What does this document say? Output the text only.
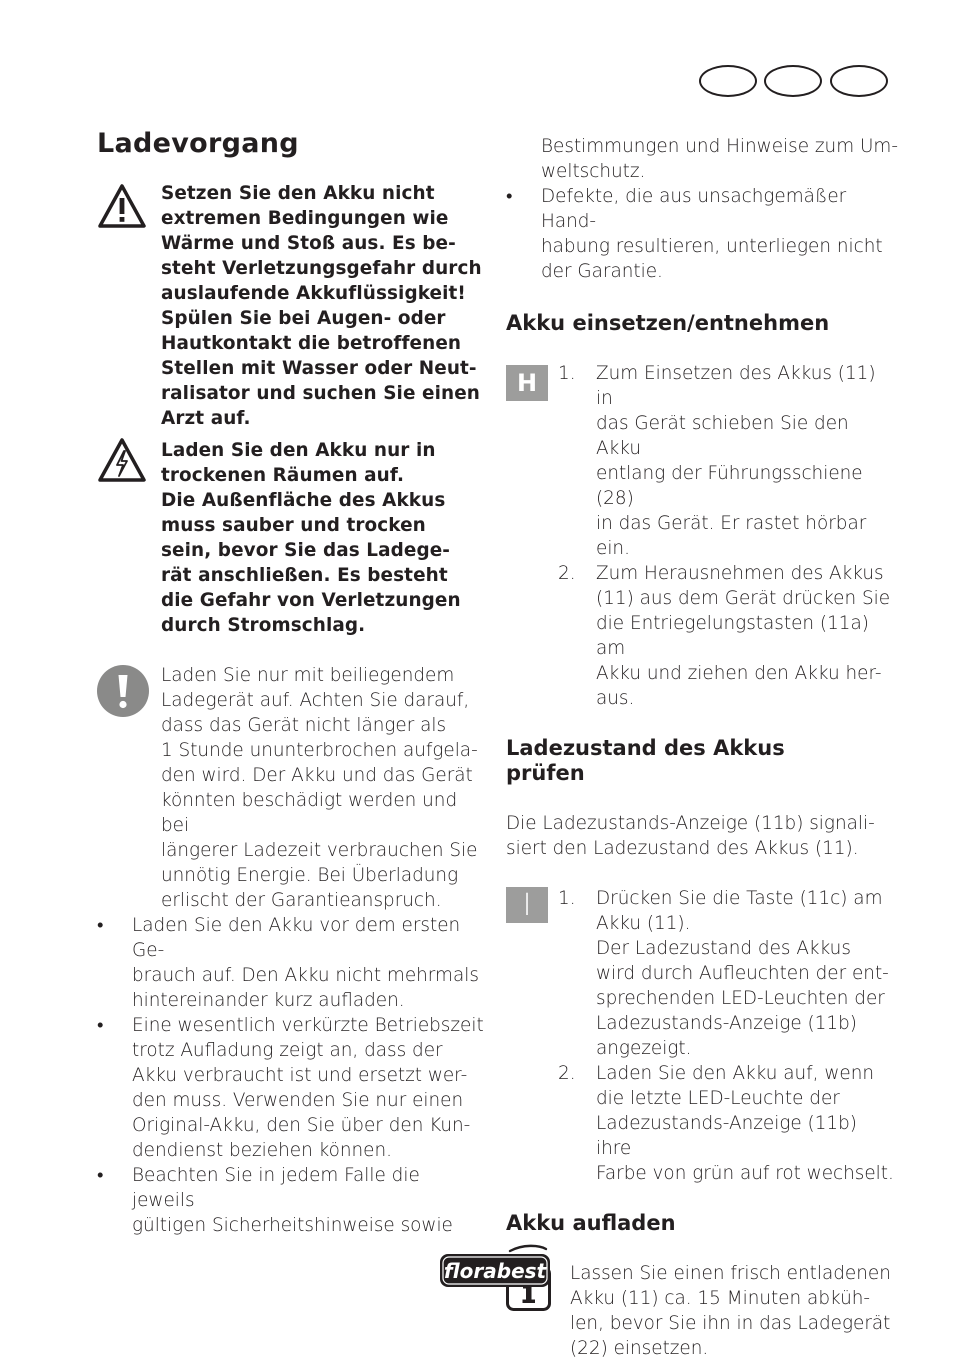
Ladevorgang
Setzen Sie den Akku nicht
extremen Bedingungen wie
Wärme und Stoß aus. Es be-
steht Verletzungsgefahr durch
auslaufende Akkuflüssigkeit!
Spülen Sie bei Augen- oder
Hautkontakt die betroffenen
Stellen mit Wasser oder Neut-
ralisator und suchen Sie einen
Arzt auf.
Laden Sie den Akku nur in
trockenen Räumen auf.
Die Außenfläche des Akkus
muss sauber und trocken
sein, bevor Sie das Ladege-
rät anschließen. Es besteht
die Gefahr von Verletzungen
durch Stromschlag.
Laden Sie nur mit beiliegendem
Ladegerät auf. Achten Sie darauf,
dass das Gerät nicht länger als
1 Stunde ununterbrochen aufgela-
den wird. Der Akku und das Gerät
könnten beschädigt werden und bei
längerer Ladezeit verbrauchen Sie
unnötig Energie. Bei Überladung
erlischt der Garantieanspruch.
• Laden Sie den Akku vor dem ersten Ge-
brauch auf. Den Akku nicht mehrmals
hintereinander kurz aufladen.
• Eine wesentlich verkürzte Betriebszeit
trotz Aufladung zeigt an, dass der
Akku verbraucht ist und ersetzt wer-
den muss. Verwenden Sie nur einen
Original-Akku, den Sie über den Kun-
dendienst beziehen können.
• Beachten Sie in jedem Falle die jeweils
gültigen Sicherheitshinweise sowie
Bestimmungen und Hinweise zum Um-
weltschutz.
• Defekte, die aus unsachgemäßer Hand-
habung resultieren, unterliegen nicht
der Garantie.
Akku einsetzen/entnehmen
H	1. Zum Einsetzen des Akkus (11) in
das Gerät schieben Sie den Akku
entlang der Führungsschiene (28)
in das Gerät. Er rastet hörbar ein.

2. Zum Herausnehmen des Akkus
(11) aus dem Gerät drücken Sie
die Entriegelungstasten (11a) am
Akku und ziehen den Akku her-
aus.

Ladezustand des Akkus
prüfen
Die Ladezustands-Anzeige (11b) signali-
siert den Ladezustand des Akkus (11).
I	1. Drücken Sie die Taste (11c) am
Akku (11).
Der Ladezustand des Akkus
wird durch Aufleuchten der ent-
sprechenden LED-Leuchten der
Ladezustands-Anzeige (11b)
angezeigt.

2. Laden Sie den Akku auf, wenn
die letzte LED-Leuchte der
Ladezustands-Anzeige (11b) ihre
Farbe von grün auf rot wechselt.

Akku aufladen
Lassen Sie einen frisch entladenen
Akku (11) ca. 15 Minuten abküh-
len, bevor Sie ihn in das Ladegerät
(22) einsetzen.
florabest
